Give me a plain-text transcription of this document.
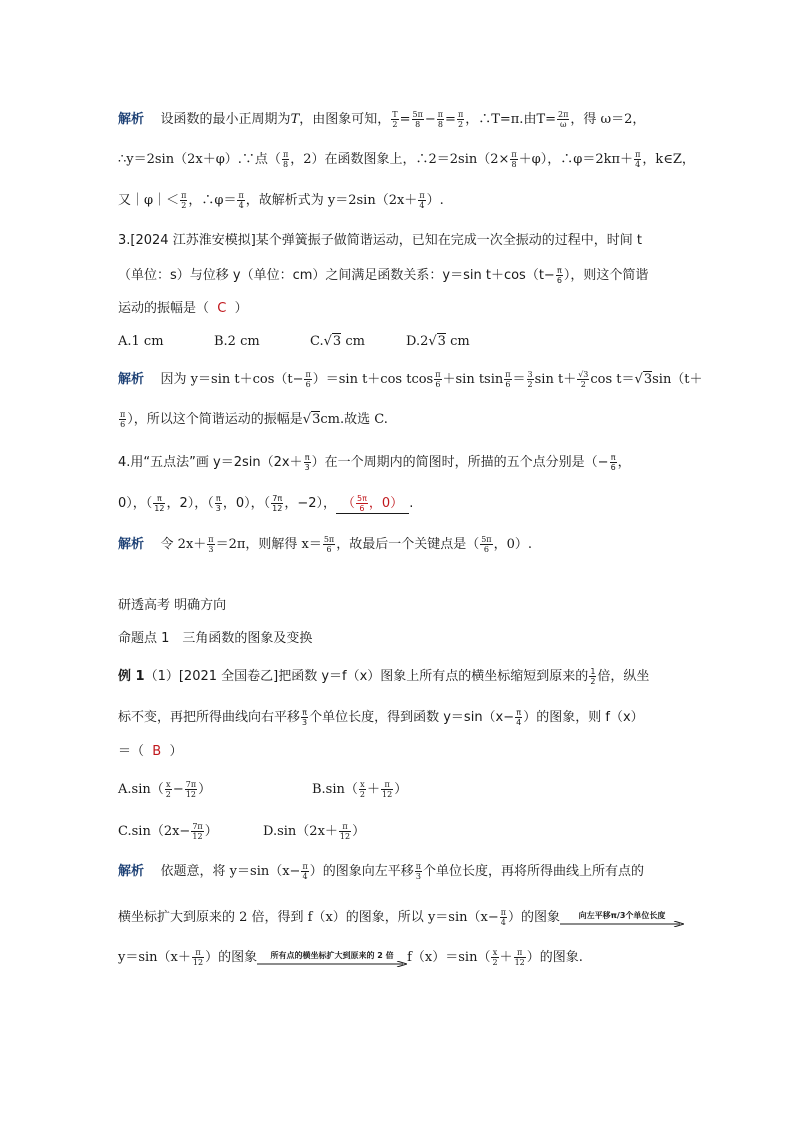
解析 设函数的最小正周期为T，由图象可知， $\frac{T}{2} = \frac{5\pi}{8} - \frac{\pi}{8} = \frac{\pi}{2}$ ，∴T=π.由$T= \frac{2\pi}{\omega}$ ，得 ω＝2，
∴y＝2sin（2x＋φ）.∵点（ $\frac{\pi}{8}$ ，2）在函数图象上，∴2＝2sin（2× $\frac{\pi}{8} +\varphi$），∴φ＝2kπ＋ $\frac{\pi}{4}$ ，k∈Z，
又｜φ｜＜ $\frac{\pi}{2}$ ，∴φ＝ $\frac{\pi}{4}$ ，故解析式为 $y=2\sin(2x+ \frac{\pi}{4}$ ）.
3.[2024 江苏淮安模拟]某个弹簧振子做简谐运动，已知在完成一次全振动的过程中，时间 t
（单位：s）与位移 y（单位：cm）之间满足函数关系：y＝sin $t+\cos(t- \frac{\pi}{6}$ ），则这个简谐
运动的振幅是（ C ）
A.1 cm	B.2 cm	C.√3 cm	D.2√3 cm
解析 因为 y＝sin $t+\cos(t- \frac{\pi}{6} )=\sin$ t＋cos tcos $\frac{\pi}{6} +\sin$ tsin $\frac{\pi}{6} = \frac{3}{2}$ $\sin t+ \frac{√3}{2}$ cos t＝√3sin（t＋
$\frac{\pi}{6}$ ），所以这个简谐运动的振幅是√3cm.故选 C.
4.用“五点法”画 $y=2\sin(2x+ \frac{\pi}{3}$ ）在一个周期内的简图时，所描的五个点分别是（− $\frac{\pi}{6}$ ，
0），（ $\frac{\pi}{12}$ ，2），（ $\frac{\pi}{3}$ ，0），（ $\frac{7\pi}{12}$ ，−2）， （ $\frac{5\pi}{6}$ ，0） .
解析 令 $2x+ \frac{\pi}{3} =2\pi$，则解得 $x= \frac{5\pi}{6}$ ，故最后一个关键点是（ $\frac{5\pi}{6}$ ，0）.
研透高考 明确方向
命题点 1　三角函数的图象及变换
例 1（1）[2021 全国卷乙]把函数 y＝f（x）图象上所有点的横坐标缩短到原来的 $\frac{1}{2}$ 倍，纵坐
标不变，再把所得曲线向右平移 $\frac{\pi}{3}$ 个单位长度，得到函数 $y=\sin(x- \frac{\pi}{4}$ ）的图象，则 f（x）
＝（ B ）
$A.\sin( \frac{x}{2} - \frac{7\pi}{12}$ ）	$B.\sin( \frac{x}{2} + \frac{\pi}{12}$ ）
$C.\sin(2x- \frac{7\pi}{12}$ ）	$D.\sin(2x+ \frac{\pi}{12}$ ）
解析 依题意，将 $y=\sin(x- \frac{\pi}{4}$ ）的图象向左平移 $\frac{\pi}{3}$ 个单位长度，再将所得曲线上所有点的
横坐标扩大到原来的 2 倍，得到 f（x）的图象，所以 $y=\sin(x- \frac{\pi}{4}$ ）的图象	向左平移π/3个单位长度
$y=\sin(x+ \frac{\pi}{12}$ ）的图象	所有点的横坐标扩大到原来的 2 倍	$f(x)=\sin( \frac{x}{2} + \frac{\pi}{12}$ ）的图象.
